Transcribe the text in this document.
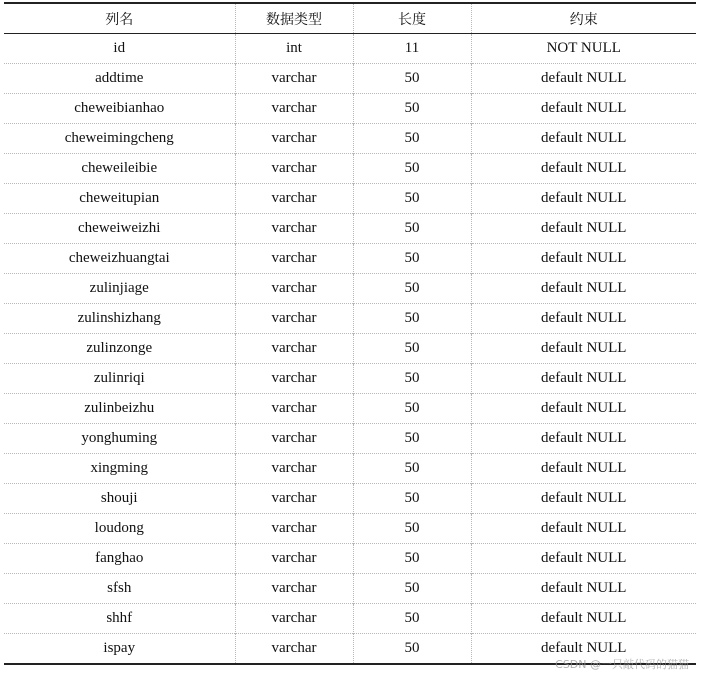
列名	数据类型	长度	约束
id	int	11	NOT NULL
addtime	varchar	50	default NULL
cheweibianhao	varchar	50	default NULL
cheweimingcheng	varchar	50	default NULL
cheweileibie	varchar	50	default NULL
cheweitupian	varchar	50	default NULL
cheweiweizhi	varchar	50	default NULL
cheweizhuangtai	varchar	50	default NULL
zulinjiage	varchar	50	default NULL
zulinshizhang	varchar	50	default NULL
zulinzonge	varchar	50	default NULL
zulinriqi	varchar	50	default NULL
zulinbeizhu	varchar	50	default NULL
yonghuming	varchar	50	default NULL
xingming	varchar	50	default NULL
shouji	varchar	50	default NULL
loudong	varchar	50	default NULL
fanghao	varchar	50	default NULL
sfsh	varchar	50	default NULL
shhf	varchar	50	default NULL
ispay	varchar	50	default NULL
CSDN @一只敲代码的猫猫
